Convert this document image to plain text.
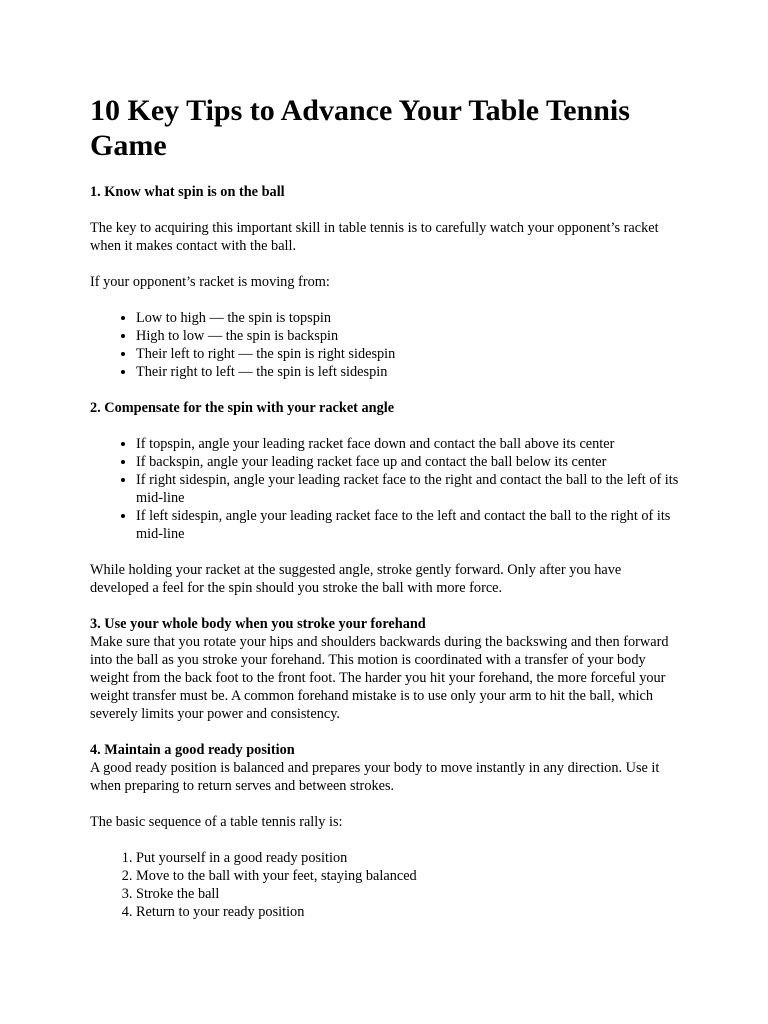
10 Key Tips to Advance Your Table Tennis Game

1. Know what spin is on the ball

The key to acquiring this important skill in table tennis is to carefully watch your opponent’s racket when it makes contact with the ball.

If your opponent’s racket is moving from:

• Low to high — the spin is topspin
• High to low — the spin is backspin
• Their left to right — the spin is right sidespin
• Their right to left — the spin is left sidespin

2. Compensate for the spin with your racket angle

• If topspin, angle your leading racket face down and contact the ball above its center
• If backspin, angle your leading racket face up and contact the ball below its center
• If right sidespin, angle your leading racket face to the right and contact the ball to the left of its mid-line
• If left sidespin, angle your leading racket face to the left and contact the ball to the right of its mid-line

While holding your racket at the suggested angle, stroke gently forward. Only after you have developed a feel for the spin should you stroke the ball with more force.

3. Use your whole body when you stroke your forehand

Make sure that you rotate your hips and shoulders backwards during the backswing and then forward into the ball as you stroke your forehand. This motion is coordinated with a transfer of your body weight from the back foot to the front foot. The harder you hit your forehand, the more forceful your weight transfer must be. A common forehand mistake is to use only your arm to hit the ball, which severely limits your power and consistency.

4. Maintain a good ready position

A good ready position is balanced and prepares your body to move instantly in any direction. Use it when preparing to return serves and between strokes.

The basic sequence of a table tennis rally is:

1. Put yourself in a good ready position
2. Move to the ball with your feet, staying balanced
3. Stroke the ball
4. Return to your ready position
